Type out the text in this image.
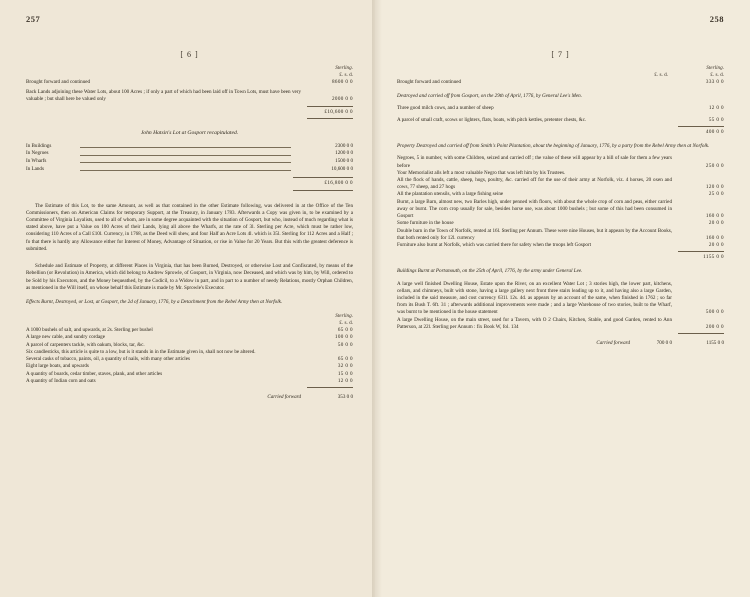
257
[ 6 ]
Sterling.
£. s. d.
Brought forward and continued	8600 0 0
Back Lands adjoining these Water Lots, about 100 Acres ; if only a part of which had been laid off in Town Lots, must have been very valuable ; but shall here be valued only	2000 0 0
£10,600 0 0
John Hatsin's Lot at Gosport recapitulated.
In Buildings	2300 0 0
In Negroes	1200 0 0
In Wharfs	1500 0 0
In Lands	10,600 0 0
£16,800 0 0

The Estimate of this Lot, to the same Amount, as well as that contained in the other Estimate following, was delivered in at the Office of the Ten Commissioners, then on American Claims for temporary Support, at the Treasury, in January 1783. Afterwards a Copy was given in, to be examined by a Committee of Virginia Loyalists, used to all of whom, are in some degree acquainted with the situation of Gosport, but who, instead of much regarding what is stated above, have put a Value on 100 Acres of their Lands, lying all above the Wharfs, at the rate of 3l. Sterling per Acre, which must be rather low, considering 110 Acres of a Call £10l. Currency, in 1768, as the Deed will shew, and four Half an Acre Lots 4l. which is 35l. Sterling for 112 Acres and a Half ; fo that there is hardly any Allowance either for Interest of Money, Advantage of Situation, or rise in Value for 20 Years. But this with the greatest deference is submitted.

Schedule and Estimate of Property, at different Places in Virginia, that has been Burned, Destroyed, or otherwise Lost and Confiscated, by means of the Rebellion (or Revolution) in America, which did belong to Andrew Sprowle, of Gosport, in Virginia, now Deceased, and which was by him, by Will, ordered to be Sold by his Executors, and the Money bequeathed, by the Codicil, to a Widow in part, and in part to a number of needy Relations, mostly Orphan Children, as mentioned in the Will itself, on whose behalf this Estimate is made by Mr. Sprowle's Executor.

Effects Burnt, Destroyed, or Lost, at Gosport, the 2d of January, 1776, by a Detachment from the Rebel Army then at Norfolk.

Sterling.
£. s. d.
A 1000 bushels of salt, and upwards, at 2s. Sterling per bushel	65 0 0
A large new cable, and sundry cordage	100 0 0
A parcel of carpenters tackle, with oakum, blocks, tar, &c.	50 0 0
Six candlesticks, this article is quite to a low, but is it stands in in the Estimate given in, shall not now be altered.
Several casks of tobacco, paints, oil, a quantity of nails, with many other articles	65 0 0
Eight large boats, and upwards	32 0 0
A quantity of boards, cedar timber, staves, plank, and other articles	15 0 0
A quantity of Indian corn and oats	12 0 0
Carried forward	353 0 0
258
[ 7 ]

£. s. d.
Sterling.
£. s. d.
Brought forward and continued	333 0 0

Destroyed and carried off from Gosport, on the 29th of April, 1776, by General Lee's Men.

Three good milch cows, and a number of sheep	12 0 0
A parcel of small craft, scows or lighters, flats, boats, with pitch kettles, pretenter chests, &c.	55 0 0
400 0 0

Property Destroyed and carried off from Smith's Point Plantation, about the beginning of January, 1776, by a party from the Rebel Army then at Norfolk.

Negroes, 5 in number, with some Children, seized and carried off ; the value of these will appear by a bill of sale for them a few years before	250 0 0
Your Memorialist alls left a most valuable Negro that was left him by his Trustees.
All the flock of hands, cattle, sheep, hogs, poultry, &c. carried off for the use of their army at Norfolk, viz. 4 horses, 20 oxen and cows, 77 sheep, and 27 hogs	120 0 0
All the plantation utensils, with a large fishing seine	25 0 0
Burnt, a large Barn, almost new, two Barles high, under penned with floors, with about the whole crop of corn and peas, either carried away or burnt. The corn crop usually for sale, besides horse use, was about 1000 bushels ; but some of this had been consumed in Gosport	160 0 0
Some furniture in the house	20 0 0
Double barn in the Town of Norfolk, rented at 16l. Sterling per Annum. These were nine Houses, but it appears by the Account Books, that both rented only for 12l. currency	160 0 0
Furniture also burnt at Norfolk, which was carried there for safety when the troops left Gosport	20 0 0
1155 0 0

Buildings Burnt at Portsmouth, on the 25th of April, 1776, by the army under General Lee.

A large well finished Dwelling House, Estate upon the River, on an excellent Water Lot ; 3 stories high, the lower part, kitchens, cellars, and chimneys, built with stone, having a large gallery next front three stairs leading up to it, and having also a large Garden, included in the said measure, and cost currency 631l. 12s. 4d. as appears by an account of the same, when finished in 1762 ; so far from its Bush T. 6ft. 31 ; afterwards additional improvements were made ; and a large Warehouse of two stories, built to the Wharf, was burnt to be mentioned in the house statement	500 0 0
A large Dwelling House, on the main street, used for a Tavern, with O 2 Chairs, Kitchen, Stable, and good Garden, rented to Ann Patterson, at 22l. Sterling per Annum : fix Book W, fol. 134	200 0 0
Carried forward	700 0 0	1155 0 0
